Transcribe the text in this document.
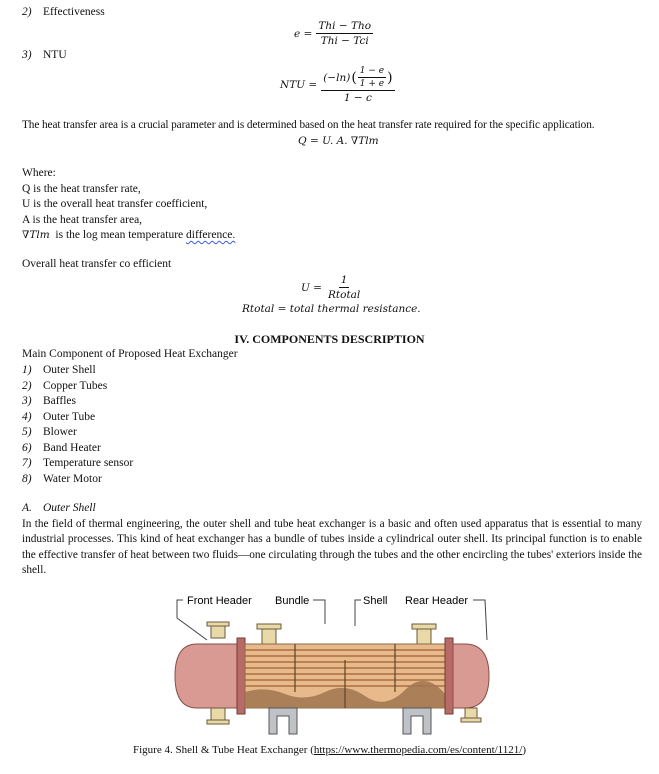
2) Effectiveness
$e = \frac{\text{Thi − Tho}}{\text{Thi − Tci}}$
3) NTU
NTU =
(−ln) ( $\frac{1 - e}{1 + e}$ )
1 − c
The heat transfer area is a crucial parameter and is determined based on the heat transfer rate required for the specific application.
Q = U. A. ∇Tlm
Where:
Q is the heat transfer rate,
U is the overall heat transfer coefficient,
A is the heat transfer area,
∇Tlm is the log mean temperature difference.
Overall heat transfer co efficient
$U = \frac{1}{\text{Rtotal}}$
Rtotal = total thermal resistance.
IV. COMPONENTS DESCRIPTION
Main Component of Proposed Heat Exchanger
1) Outer Shell
2) Copper Tubes
3) Baffles
4) Outer Tube
5) Blower
6) Band Heater
7) Temperature sensor
8) Water Motor
A. Outer Shell
In the field of thermal engineering, the outer shell and tube heat exchanger is a basic and often used apparatus that is essential to many industrial processes. This kind of heat exchanger has a bundle of tubes inside a cylindrical outer shell. Its principal function is to enable the effective transfer of heat between two fluids—one circulating through the tubes and the other encircling the tubes' exteriors inside the shell.
Front Header Bundle	Shell Rear Header
Figure 4. Shell & Tube Heat Exchanger (https://www.thermopedia.com/es/content/1121/)
